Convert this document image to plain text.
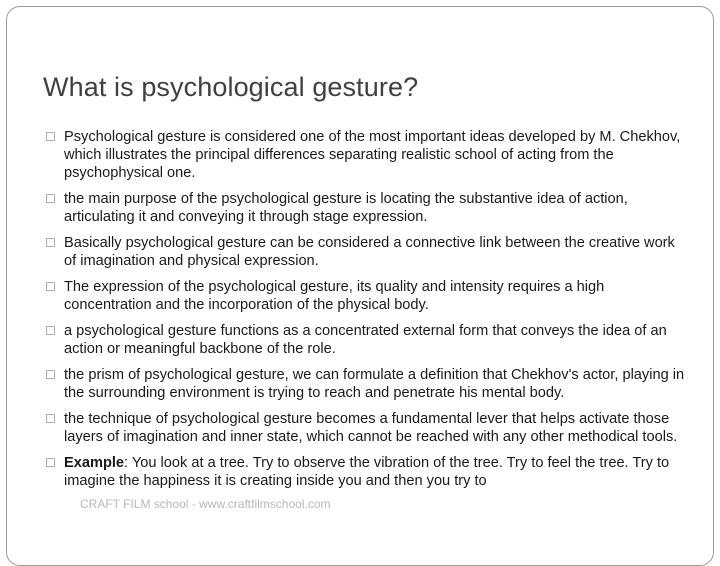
What is psychological gesture?
Psychological gesture is considered one of the most important ideas developed by M. Chekhov, which illustrates the principal differences separating realistic school of acting from the psychophysical one.
the main purpose of the psychological gesture is locating the substantive idea of action, articulating it and conveying it through stage expression.
Basically psychological gesture can be considered a connective link between the creative work of imagination and physical expression.
The expression of the psychological gesture, its quality and intensity requires a high concentration and the incorporation of the physical body.
a psychological gesture functions as a concentrated external form that conveys the idea of an action or meaningful backbone of the role.
the prism of psychological gesture, we can formulate a definition that Chekhov's actor, playing in the surrounding environment is trying to reach and penetrate his mental body.
the technique of psychological gesture becomes a fundamental lever that helps activate those layers of imagination and inner state, which cannot be reached with any other methodical tools.
Example: You look at a tree. Try to observe the vibration of the tree. Try to feel the tree. Try to imagine the happiness it is creating inside you and then you try to
CRAFT FILM school - www.craftfilmschool.com
